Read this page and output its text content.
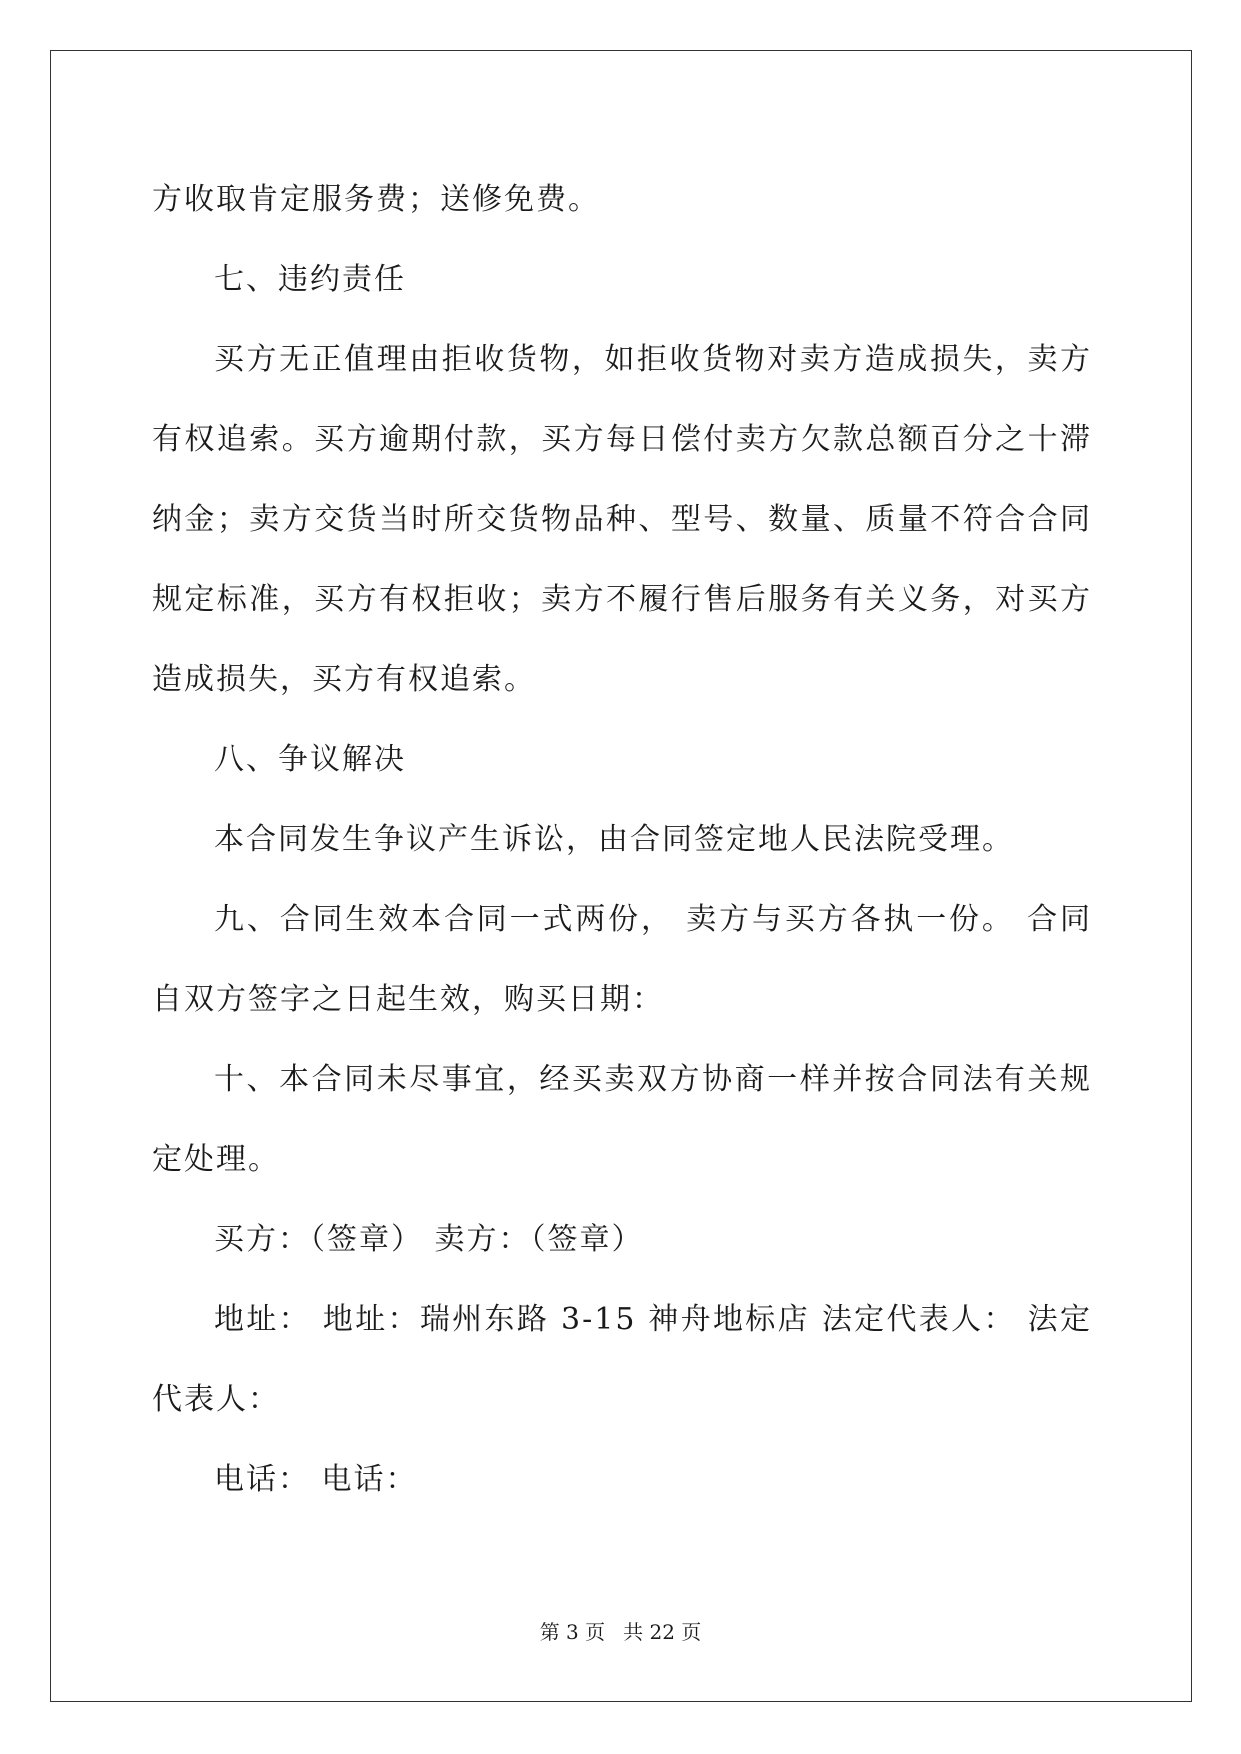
方收取肯定服务费；送修免费。

七、违约责任

买方无正值理由拒收货物，如拒收货物对卖方造成损失，卖方有权追索。买方逾期付款，买方每日偿付卖方欠款总额百分之十滞纳金；卖方交货当时所交货物品种、型号、数量、质量不符合合同规定标准，买方有权拒收；卖方不履行售后服务有关义务，对买方造成损失，买方有权追索。

八、争议解决

本合同发生争议产生诉讼，由合同签定地人民法院受理。

九、合同生效本合同一式两份， 卖方与买方各执一份。 合同自双方签字之日起生效，购买日期：

十、本合同未尽事宜，经买卖双方协商一样并按合同法有关规定处理。

买方：（签章） 卖方：（签章）

地址： 地址：瑞州东路 3-15 神舟地标店 法定代表人： 法定代表人：

电话： 电话：

第 3 页 共 22 页
